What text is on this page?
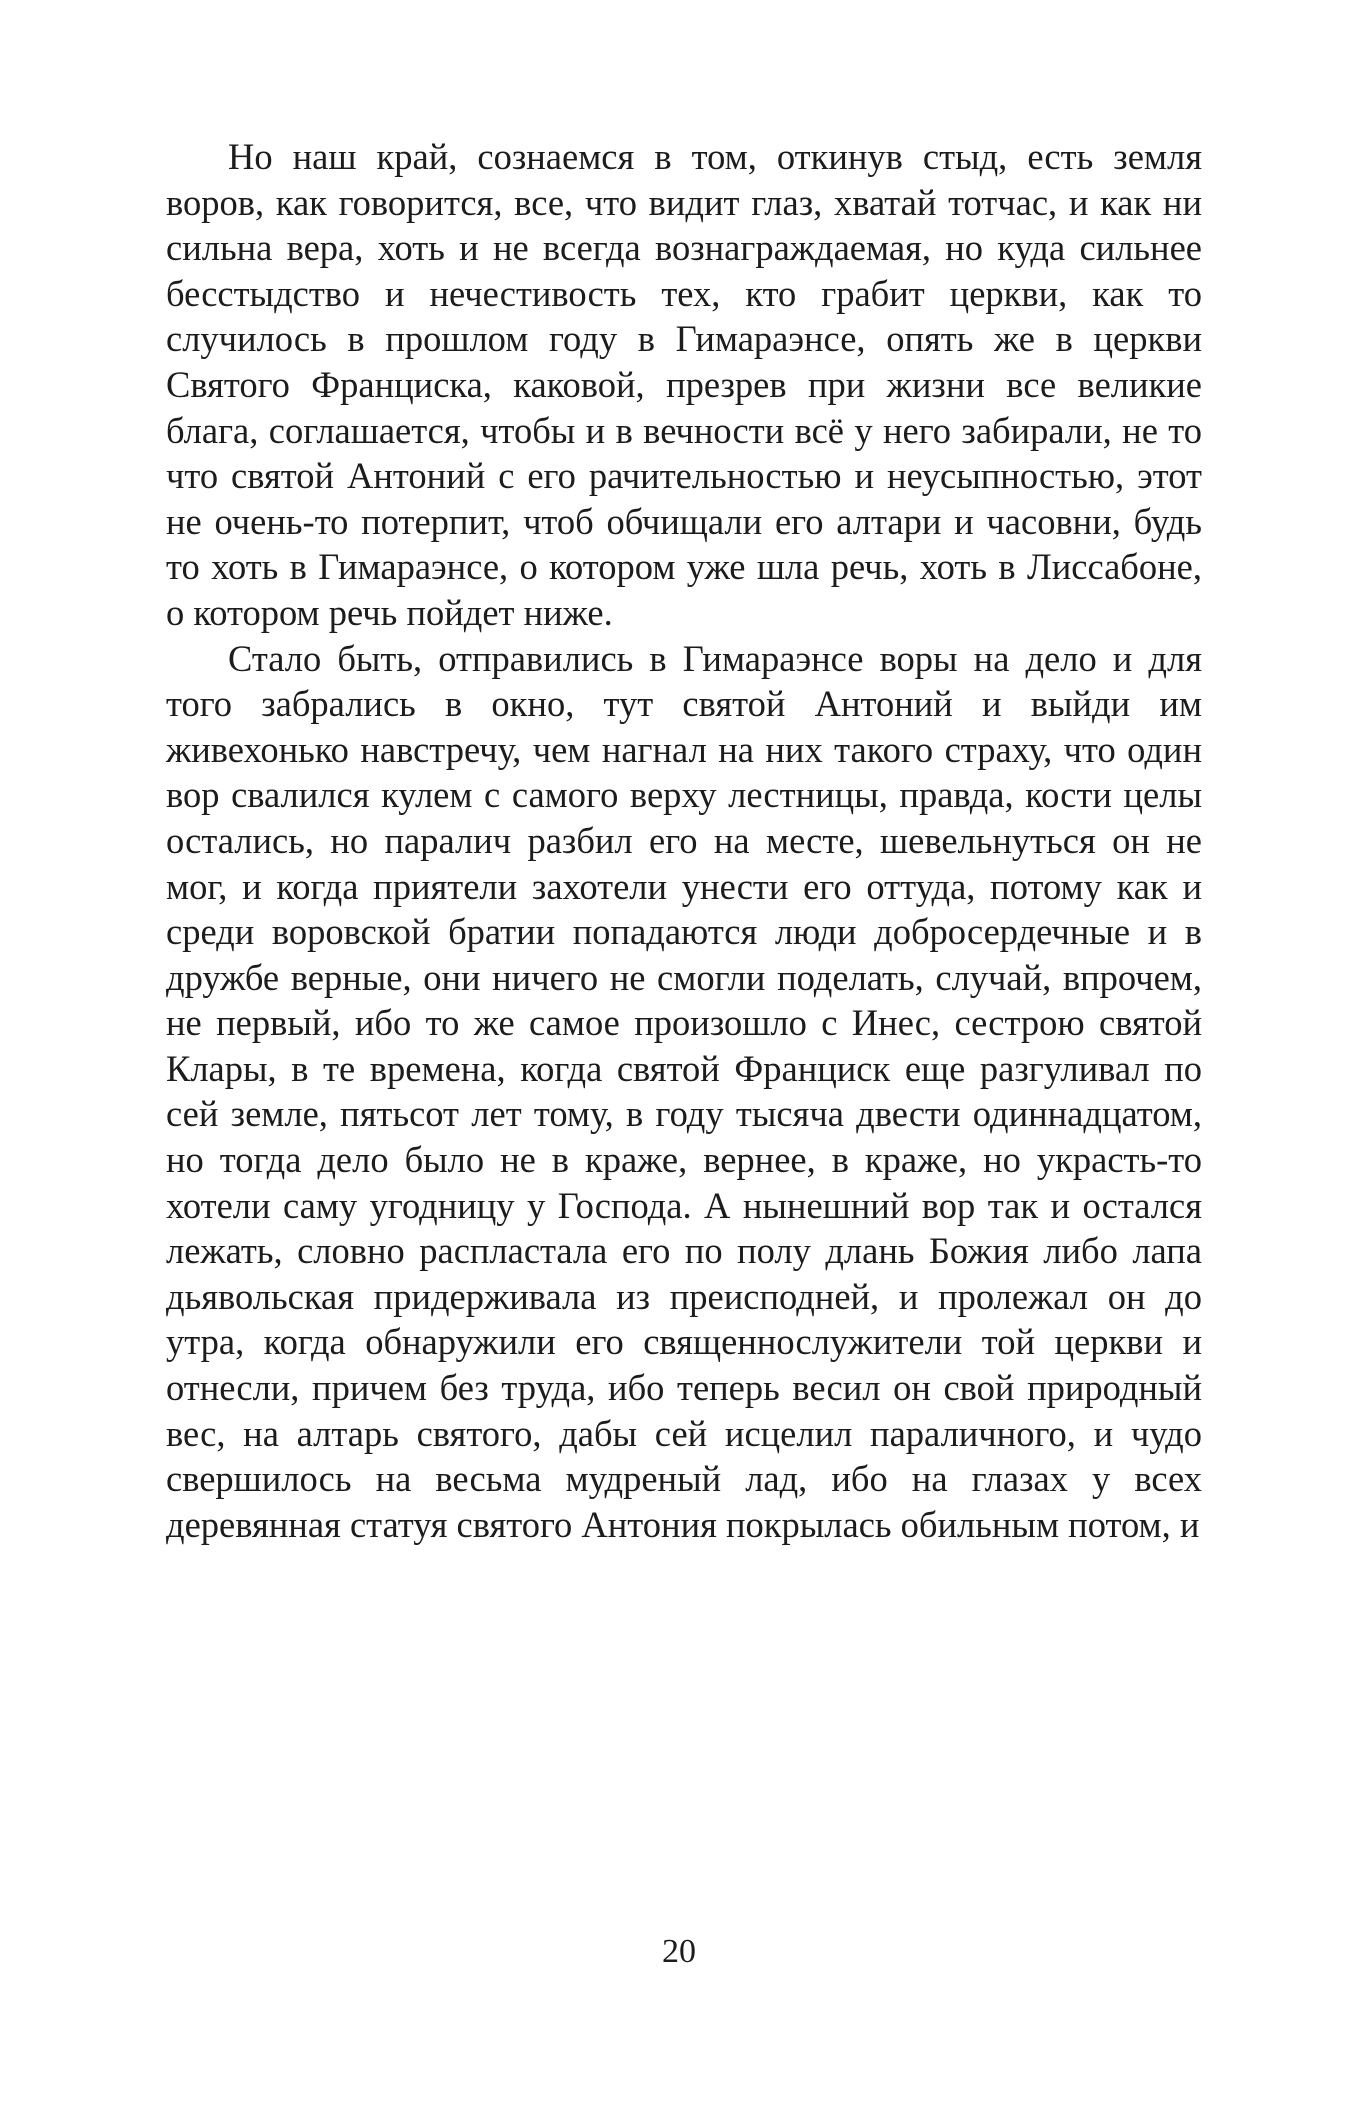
Но наш край, сознаемся в том, откинув стыд, есть земля воров, как говорится, все, что видит глаз, хватай тотчас, и как ни сильна вера, хоть и не всегда вознаграждаемая, но куда сильнее бесстыдство и нечестивость тех, кто грабит церкви, как то случилось в прошлом году в Гимараэнсе, опять же в церкви Святого Франциска, каковой, презрев при жизни все великие блага, соглашается, чтобы и в вечности всё у него забирали, не то что святой Антоний с его рачительностью и неусыпностью, этот не очень-то потерпит, чтоб обчищали его алтари и часовни, будь то хоть в Гимараэнсе, о котором уже шла речь, хоть в Лиссабоне, о котором речь пойдет ниже.

Стало быть, отправились в Гимараэнсе воры на дело и для того забрались в окно, тут святой Антоний и выйди им живехонько навстречу, чем нагнал на них такого страху, что один вор свалился кулем с самого верху лестницы, правда, кости целы остались, но паралич разбил его на месте, шевельнуться он не мог, и когда приятели захотели унести его оттуда, потому как и среди воровской братии попадаются люди добросердечные и в дружбе верные, они ничего не смогли поделать, случай, впрочем, не первый, ибо то же самое произошло с Инес, сестрою святой Клары, в те времена, когда святой Франциск еще разгуливал по сей земле, пятьсот лет тому, в году тысяча двести одиннадцатом, но тогда дело было не в краже, вернее, в краже, но украсть-то хотели саму угодницу у Господа. А нынешний вор так и остался лежать, словно распластала его по полу длань Божия либо лапа дьявольская придерживала из преисподней, и пролежал он до утра, когда обнаружили его священнослужители той церкви и отнесли, причем без труда, ибо теперь весил он свой природный вес, на алтарь святого, дабы сей исцелил параличного, и чудо свершилось на весьма мудреный лад, ибо на глазах у всех деревянная статуя святого Антония покрылась обильным потом, и

20
